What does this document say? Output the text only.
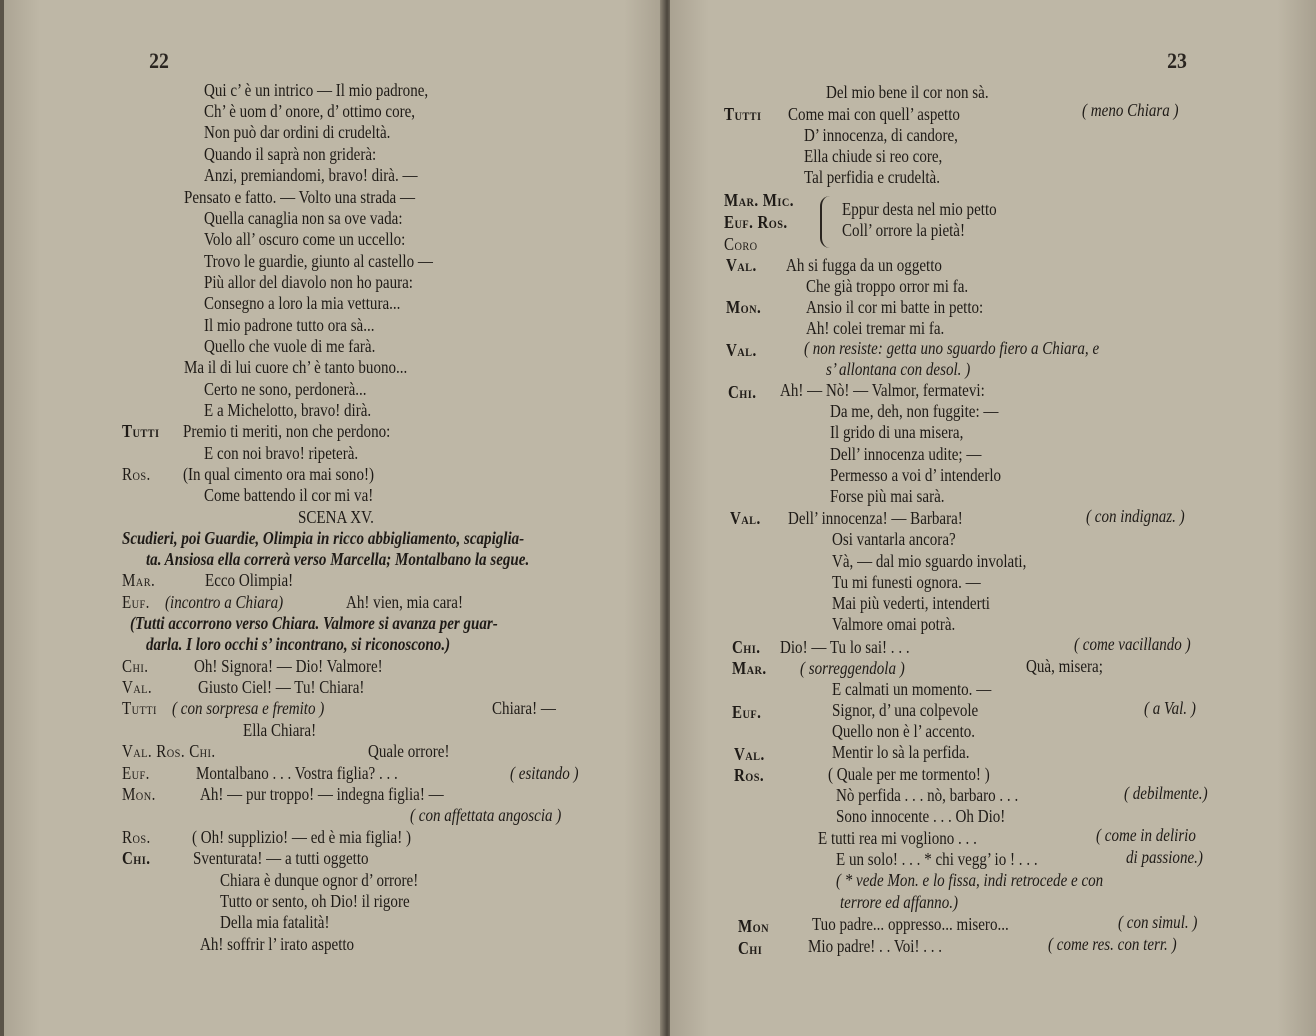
22
Qui c’ è un intrico — Il mio padrone,
Ch’ è uom d’ onore, d’ ottimo core,
Non può dar ordini di crudeltà.
Quando il saprà non griderà:
Anzi, premiandomi, bravo! dirà. —
Pensato e fatto. — Volto una strada —
Quella canaglia non sa ove vada:
Volo all’ oscuro come un uccello:
Trovo le guardie, giunto al castello —
Più allor del diavolo non ho paura:
Consegno a loro la mia vettura...
Il mio padrone tutto ora sà...
Quello che vuole di me farà.
Ma il di lui cuore ch’ è tanto buono...
Certo ne sono, perdonerà...
E a Michelotto, bravo! dirà.
Tutti Premio ti meriti, non che perdono:
E con noi bravo! ripeterà.
Ros. (In qual cimento ora mai sono!)
Come battendo il cor mi va!
SCENA XV.
Scudieri, poi Guardie, Olimpia in ricco abbigliamento, scapiglia-
ta. Ansiosa ella correrà verso Marcella; Montalbano la segue.
Mar.	Ecco Olimpia!
Euf. (incontro a Chiara)	Ah! vien, mia cara!
(Tutti accorrono verso Chiara. Valmore si avanza per guar-
darla. I loro occhi s’ incontrano, si riconoscono.)
Chi.	Oh! Signora! — Dio! Valmore!
Val.	Giusto Ciel! — Tu! Chiara!
Tutti ( con sorpresa e fremito )	Chiara! —
Ella Chiara!
Val. Ros. Chi.	Quale orrore!
Euf.	Montalbano . . . Vostra figlia? . . .	( esitando )
Mon.	Ah! — pur troppo! — indegna figlia! —
( con affettata angoscia )
Ros. ( Oh! supplizio! — ed è mia figlia! )
Chi. Sventurata! — a tutti oggetto
Chiara è dunque ognor d’ orrore!
Tutto or sento, oh Dio! il rigore
Della mia fatalità!
Ah! soffrir l’ irato aspetto
23
Del mio bene il cor non sà.
Tutti Come mai con quell’ aspetto	( meno Chiara )
D’ innocenza, di candore,
Ella chiude si reo core,
Tal perfidia e crudeltà.
Mar. Mic.
Euf. Ros.
Coro
Eppur desta nel mio petto
Coll’ orrore la pietà!
Val. Ah si fugga da un oggetto
Che già troppo orror mi fa.
Mon.	Ansio il cor mi batte in petto:
Ah! colei tremar mi fa.
Val.	( non resiste: getta uno sguardo fiero a Chiara, e
s’ allontana con desol. )
Chi. Ah! — Nò! — Valmor, fermatevi:
Da me, deh, non fuggite: —
Il grido di una misera,
Dell’ innocenza udite; —
Permesso a voi d’ intenderlo
Forse più mai sarà.
Val. Dell’ innocenza! — Barbara!	( con indignaz. )
Osi vantarla ancora?
Và, — dal mio sguardo involati,
Tu mi funesti ognora. —
Mai più vederti, intenderti
Valmore omai potrà.
Chi. Dio! — Tu lo sai! . . .	( come vacillando )
Mar. ( sorreggendola )	Quà, misera;
E calmati un momento. —
Euf.	Signor, d’ una colpevole	( a Val. )
Quello non è l’ accento.
Val.	Mentir lo sà la perfida.
Ros.	( Quale per me tormento! )
Nò perfida . . . nò, barbaro . . .	( debilmente.)
Sono innocente . . . Oh Dio!
E tutti rea mi vogliono . . .	( come in delirio
E un solo! . . . * chi vegg’ io ! . . .	di passione.)
( * vede Mon. e lo fissa, indi retrocede e con
terrore ed affanno.)
Mon Tuo padre... oppresso... misero...	( con simul. )
Chi	Mio padre! . . Voi! . . .	( come res. con terr. )
